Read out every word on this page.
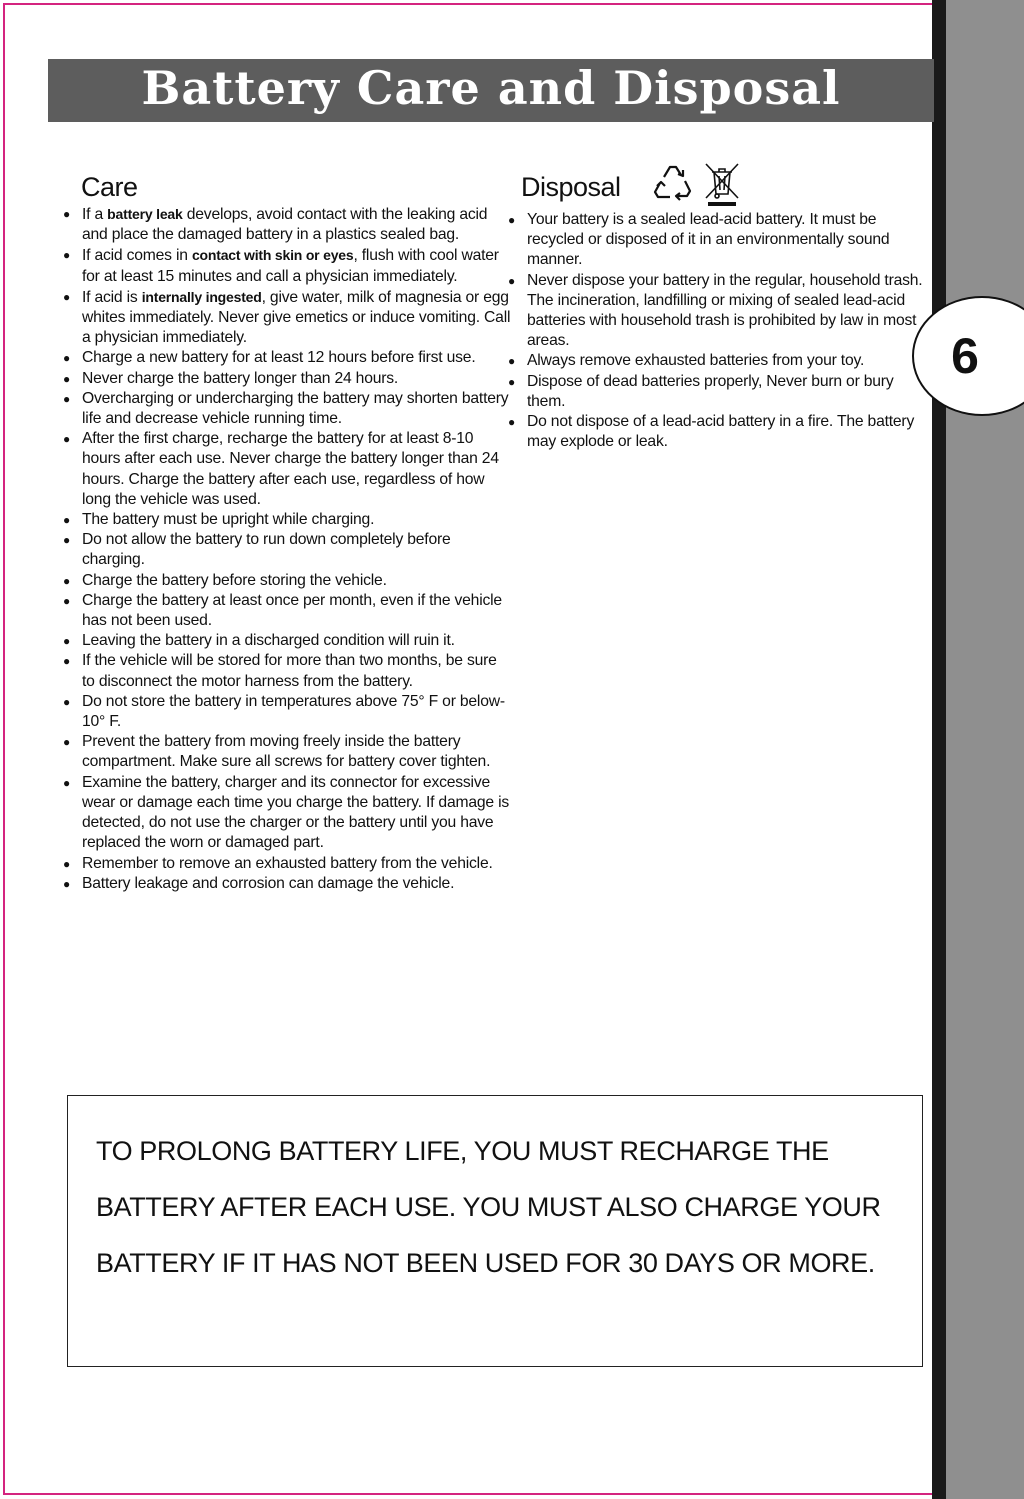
6
Battery Care and Disposal
Care
● If a battery leak develops, avoid contact with the leaking acid and place the damaged battery in a plastics sealed bag.
● If acid comes in contact with skin or eyes, flush with cool water for at least 15 minutes and call a physician immediately.
● If acid is internally ingested, give water, milk of magnesia or egg whites immediately. Never give emetics or induce vomiting. Call a physician immediately.
● Charge a new battery for at least 12 hours before first use.
● Never charge the battery longer than 24 hours.
● Overcharging or undercharging the battery may shorten battery life and decrease vehicle running time.
● After the first charge, recharge the battery for at least 8-10 hours after each use. Never charge the battery longer than 24 hours. Charge the battery after each use, regardless of how long the vehicle was used.
● The battery must be upright while charging.
● Do not allow the battery to run down completely before charging.
● Charge the battery before storing the vehicle.
● Charge the battery at least once per month, even if the vehicle has not been used.
● Leaving the battery in a discharged condition will ruin it.
● If the vehicle will be stored for more than two months, be sure to disconnect the motor harness from the battery.
● Do not store the battery in temperatures above 75° F or below-10° F.
● Prevent the battery from moving freely inside the battery compartment. Make sure all screws for battery cover tighten.
● Examine the battery, charger and its connector for excessive wear or damage each time you charge the battery. If damage is detected, do not use the charger or the battery until you have replaced the worn or damaged part.
● Remember to remove an exhausted battery from the vehicle.
● Battery leakage and corrosion can damage the vehicle.
Disposal
● Your battery is a sealed lead-acid battery. It must be recycled or disposed of it in an environmentally sound manner.
● Never dispose your battery in the regular, household trash. The incineration, landfilling or mixing of sealed lead-acid batteries with household trash is prohibited by law in most areas.
● Always remove exhausted batteries from your toy.
● Dispose of dead batteries properly, Never burn or bury them.
● Do not dispose of a lead-acid battery in a fire. The battery may explode or leak.
TO PROLONG BATTERY LIFE, YOU MUST RECHARGE THE BATTERY AFTER EACH USE. YOU MUST ALSO CHARGE YOUR BATTERY IF IT HAS NOT BEEN USED FOR 30 DAYS OR MORE.
